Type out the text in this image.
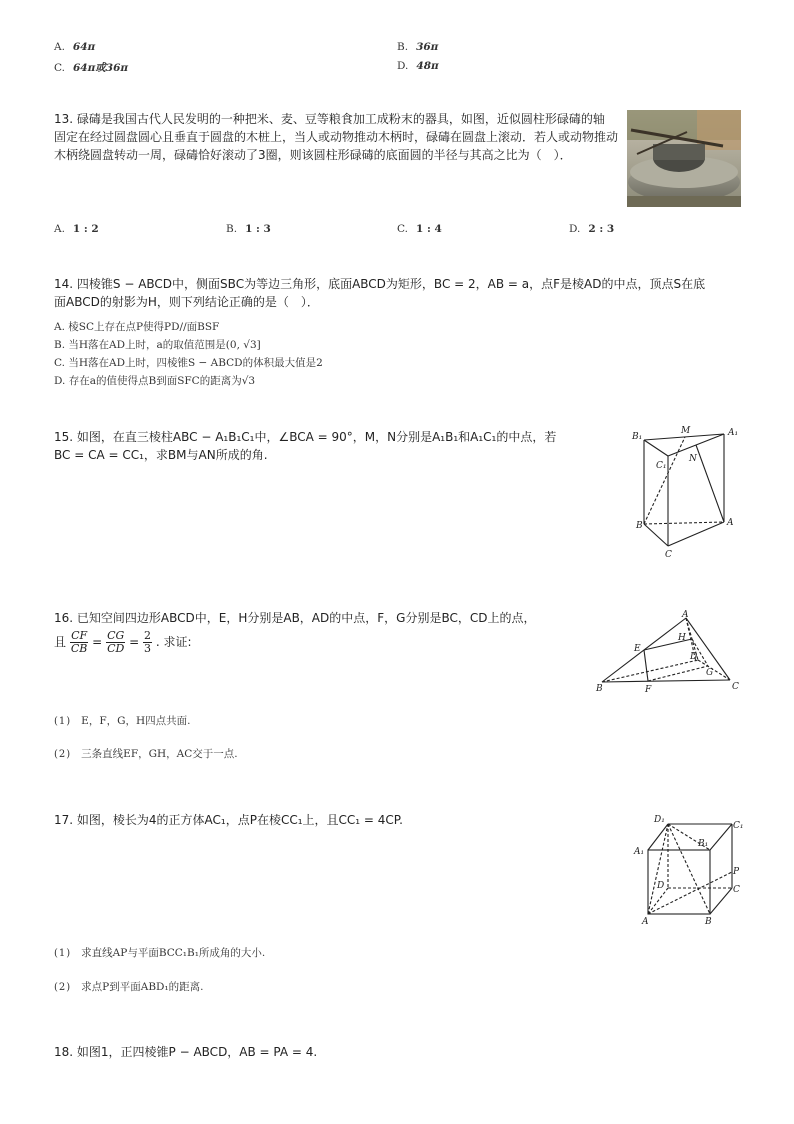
A. 64π	B. 36π
C. 64π或36π	D. 48π
13. 碌碡是我国古代人民发明的一种把米、麦、豆等粮食加工成粉末的器具，如图，近似圆柱形碌碡的轴
固定在经过圆盘圆心且垂直于圆盘的木桩上，当人或动物推动木柄时，碌碡在圆盘上滚动．若人或动物推动
木柄绕圆盘转动一周，碌碡恰好滚动了3圈，则该圆柱形碌碡的底面圆的半径与其高之比为（　）．
A. 1 : 2	B. 1 : 3	C. 1 : 4	D. 2 : 3
14. 四棱锥S − ABCD中，侧面SBC为等边三角形，底面ABCD为矩形，BC = 2，AB = a，点F是棱AD的中点，顶点S在底
面ABCD的射影为H，则下列结论正确的是（　）．
A. 棱SC上存在点P使得PD//面BSF
B. 当H落在AD上时，a的取值范围是(0, √3]
C. 当H落在AD上时，四棱锥S − ABCD的体积最大值是2
D. 存在a的值使得点B到面SFC的距离为√3
15. 如图，在直三棱柱ABC − A₁B₁C₁中，∠BCA = 90°，M，N分别是A₁B₁和A₁C₁的中点，若
BC = CA = CC₁，求BM与AN所成的角.
B₁
M	A₁
C₁
N
B	A
C
16. 已知空间四边形ABCD中，E，H分别是AB，AD的中点，F，G分别是BC，CD上的点，
且 $\frac{CF}{CB} = \frac{CG}{CD} = \frac{2}{3}$ . 求证:
A
H
E
D
G
B	F	C
(1) E，F，G，H四点共面.
(2) 三条直线EF，GH，AC交于一点.
17. 如图，棱长为4的正方体AC₁，点P在棱CC₁上，且CC₁ = 4CP.	D₁
C₁
B₁
A₁
P
D	C
A	B
(1) 求直线AP与平面BCC₁B₁所成角的大小.
(2) 求点P到平面ABD₁的距离.
18. 如图1，正四棱锥P − ABCD，AB = PA = 4.
